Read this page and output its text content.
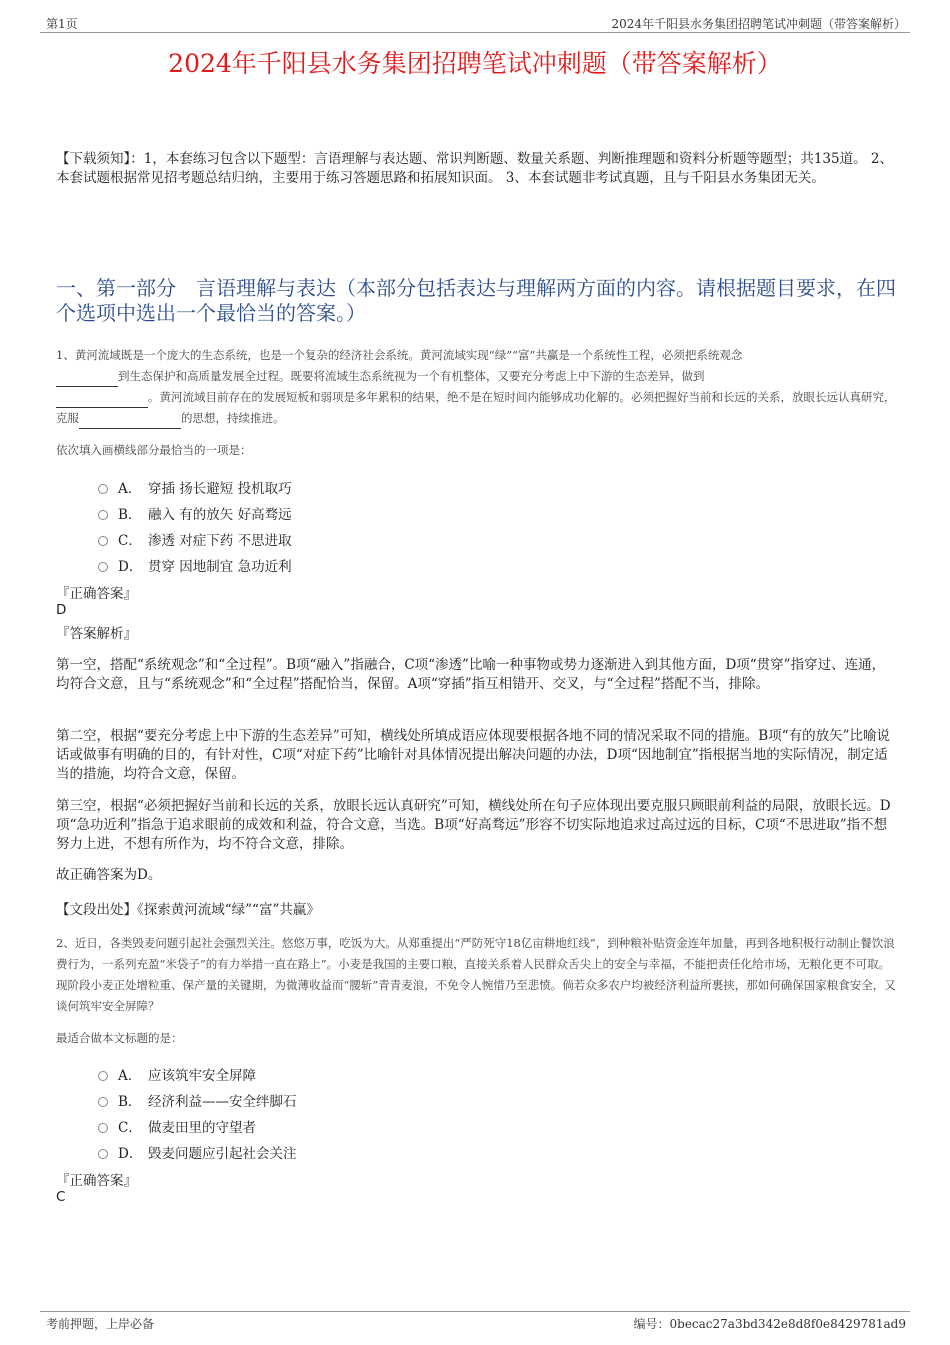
第1页	2024年千阳县水务集团招聘笔试冲刺题（带答案解析）
2024年千阳县水务集团招聘笔试冲刺题（带答案解析）
【下载须知】：1，本套练习包含以下题型：言语理解与表达题、常识判断题、数量关系题、判断推理题和资料分析题等题型；共135道。 2、本套试题根据常见招考题总结归纳，主要用于练习答题思路和拓展知识面。 3、本套试题非考试真题，且与千阳县水务集团无关。
一、第一部分　言语理解与表达（本部分包括表达与理解两方面的内容。请根据题目要求，在四个选项中选出一个最恰当的答案。）
1、黄河流域既是一个庞大的生态系统，也是一个复杂的经济社会系统。黄河流域实现“绿”“富”共赢是一个系统性工程，必须把系统观念
到生态保护和高质量发展全过程。既要将流域生态系统视为一个有机整体，又要充分考虑上中下游的生态差异，做到
。黄河流域目前存在的发展短板和弱项是多年累积的结果，绝不是在短时间内能够成功化解的。必须把握好当前和长远的关系，放眼长远认真研究，克服	的思想，持续推进。
依次填入画横线部分最恰当的一项是：
A． 穿插 扬长避短 投机取巧
B． 融入 有的放矢 好高骛远
C． 渗透 对症下药 不思进取
D． 贯穿 因地制宜 急功近利
『正确答案』
D
『答案解析』
第一空，搭配“系统观念”和“全过程”。B项“融入”指融合，C项“渗透”比喻一种事物或势力逐渐进入到其他方面，D项“贯穿”指穿过、连通，均符合文意，且与“系统观念”和“全过程”搭配恰当，保留。A项“穿插”指互相错开、交叉，与“全过程”搭配不当，排除。
第二空，根据“要充分考虑上中下游的生态差异”可知，横线处所填成语应体现要根据各地不同的情况采取不同的措施。B项“有的放矢”比喻说话或做事有明确的目的，有针对性，C项“对症下药”比喻针对具体情况提出解决问题的办法，D项“因地制宜”指根据当地的实际情况，制定适当的措施，均符合文意，保留。
第三空，根据“必须把握好当前和长远的关系，放眼长远认真研究”可知，横线处所在句子应体现出要克服只顾眼前利益的局限，放眼长远。D项“急功近利”指急于追求眼前的成效和利益，符合文意，当选。B项“好高骛远”形容不切实际地追求过高过远的目标，C项“不思进取”指不想努力上进，不想有所作为，均不符合文意，排除。
故正确答案为D。
【文段出处】《探索黄河流域“绿”“富”共赢》
2、近日，各类毁麦问题引起社会强烈关注。悠悠万事，吃饭为大。从郑重提出“严防死守18亿亩耕地红线”，到种粮补贴资金连年加量，再到各地积极行动制止餐饮浪费行为，一系列充盈“米袋子”的有力举措一直在路上”。小麦是我国的主要口粮，直接关系着人民群众舌尖上的安全与幸福，不能把责任化给市场，无粮化更不可取。现阶段小麦正处增粒重、保产量的关键期，为微薄收益而“腰斩”青青麦浪，不免令人惋惜乃至悲愤。倘若众多农户均被经济利益所裹挟，那如何确保国家粮食安全，又谈何筑牢安全屏障？
最适合做本文标题的是：
A． 应该筑牢安全屏障
B． 经济利益——安全绊脚石
C． 做麦田里的守望者
D． 毁麦问题应引起社会关注
『正确答案』
C
考前押题，上岸必备	编号：0becac27a3bd342e8d8f0e8429781ad9
